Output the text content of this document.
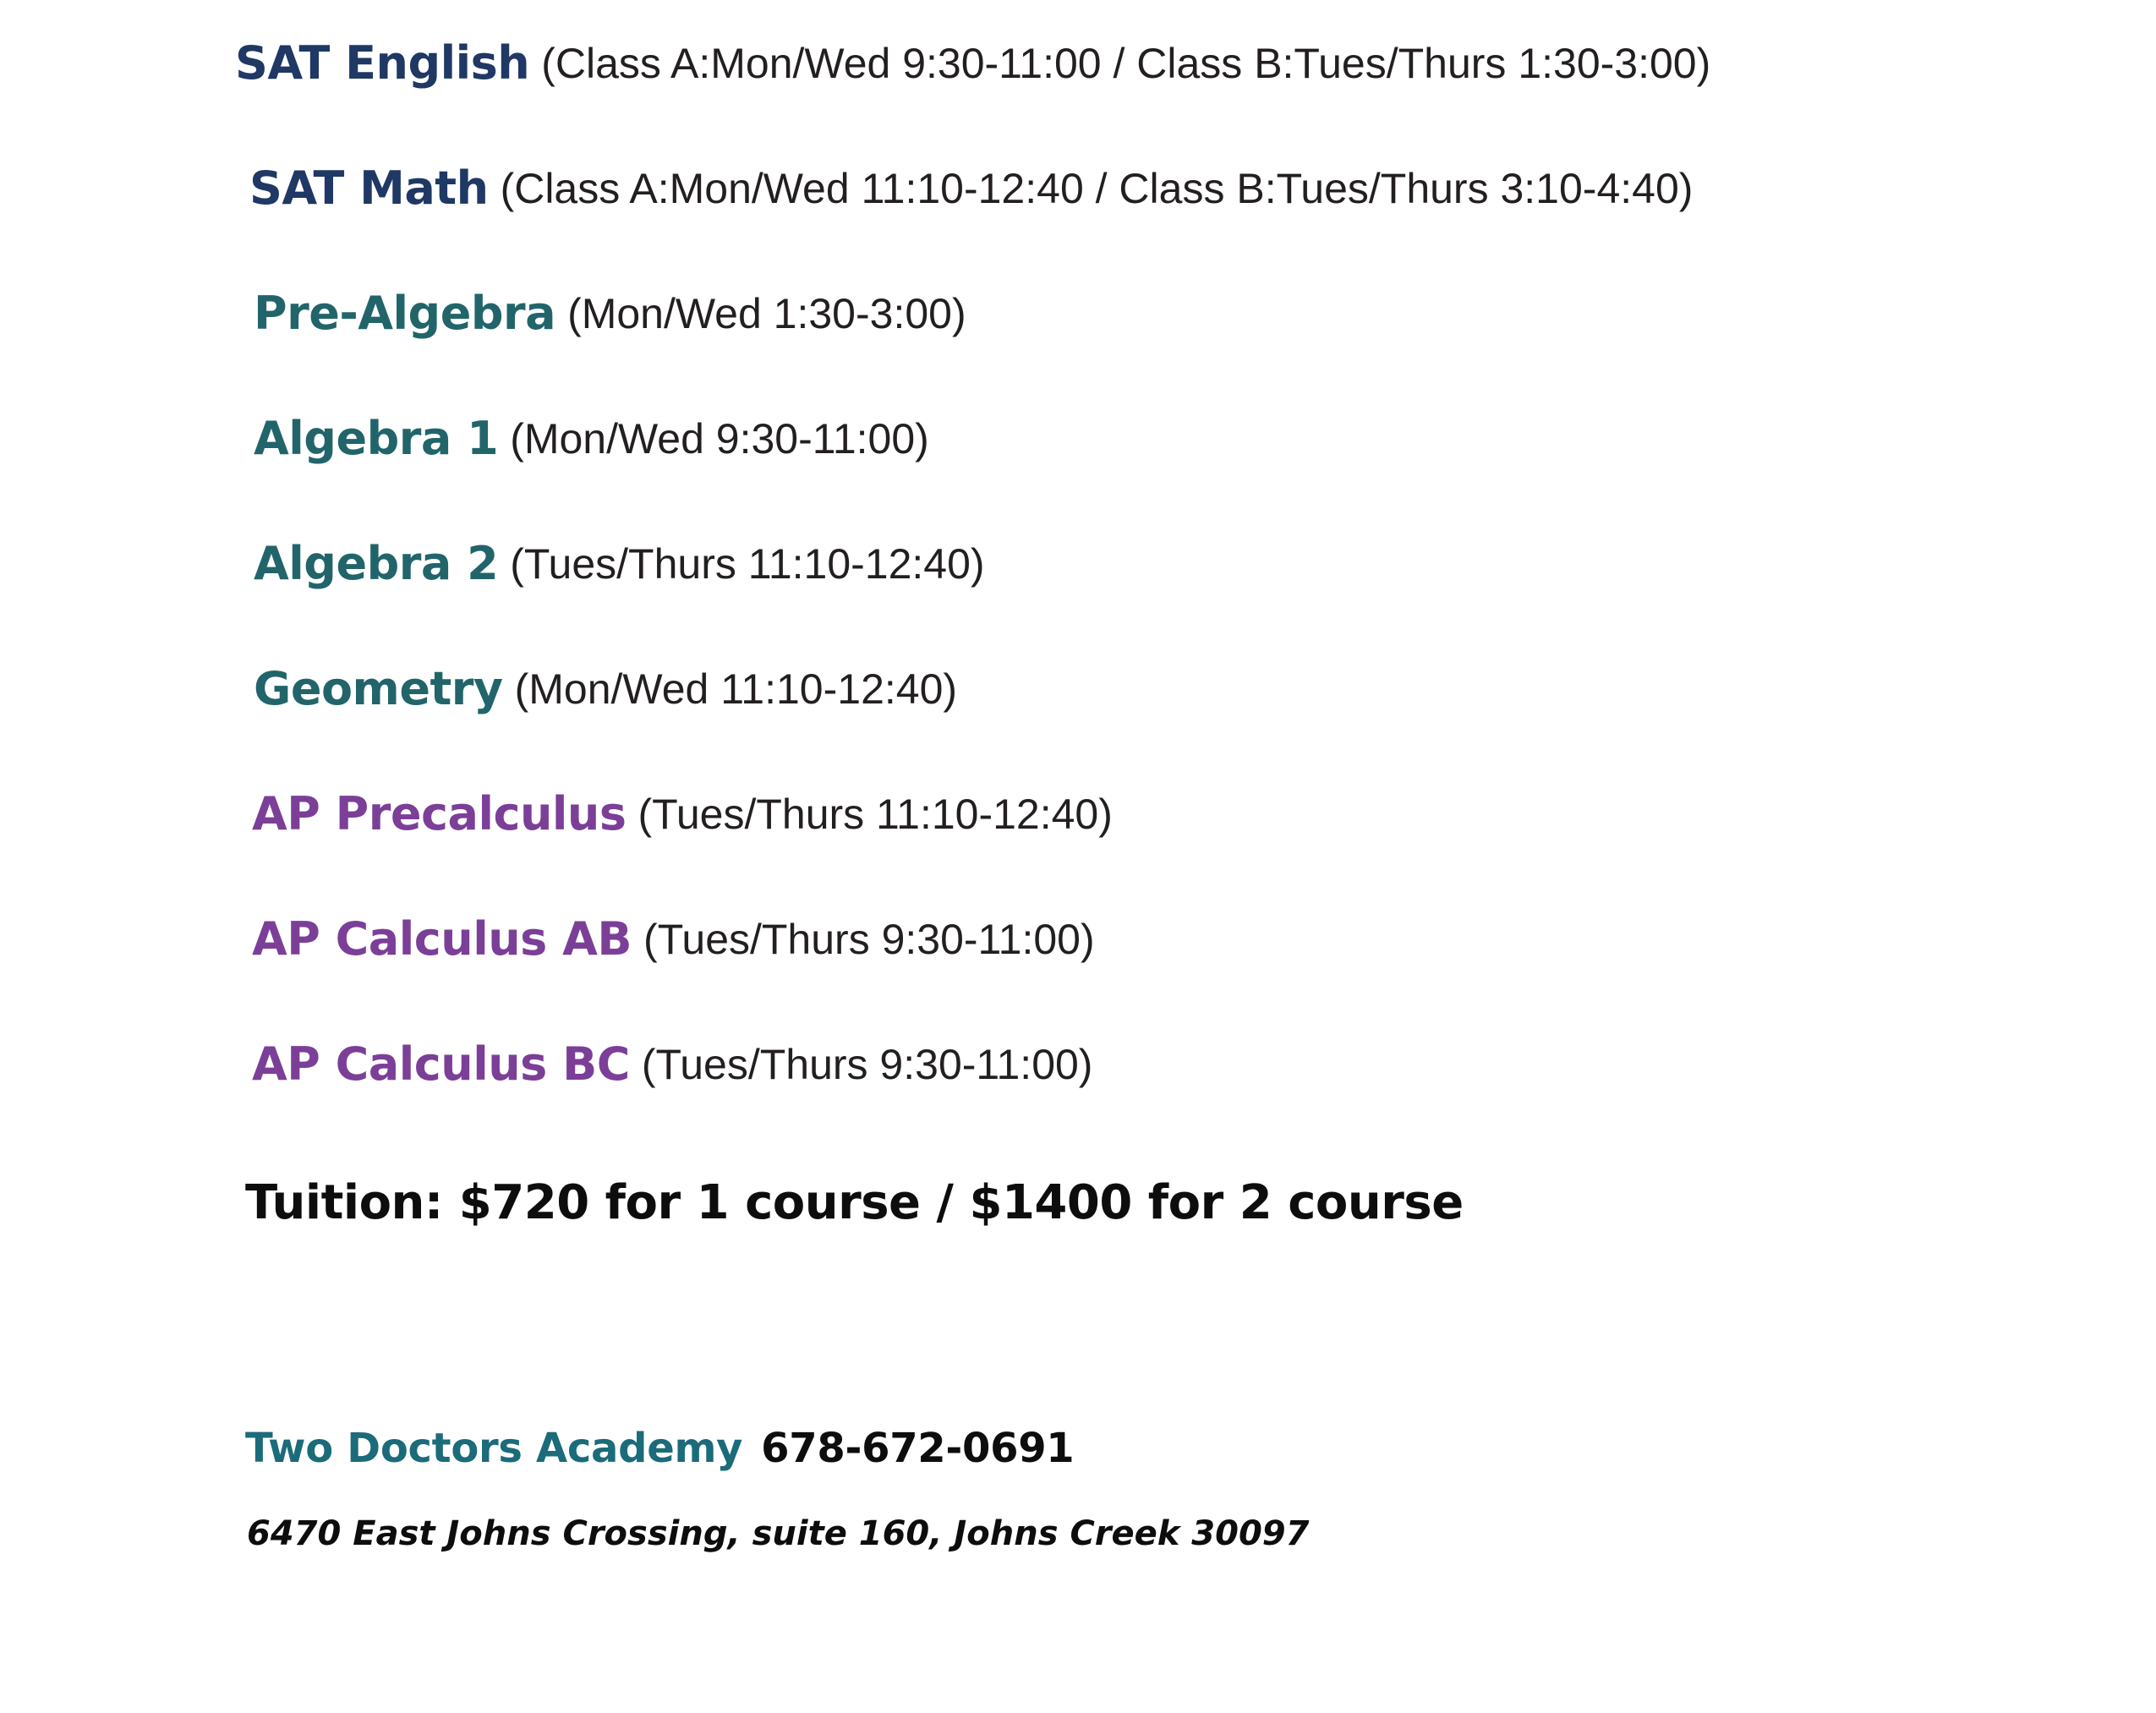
SAT English (Class A:Mon/Wed 9:30-11:00 / Class B:Tues/Thurs 1:30-3:00)
SAT Math (Class A:Mon/Wed 11:10-12:40 / Class B:Tues/Thurs 3:10-4:40)
Pre-Algebra (Mon/Wed 1:30-3:00)
Algebra 1 (Mon/Wed 9:30-11:00)
Algebra 2 (Tues/Thurs 11:10-12:40)
Geometry (Mon/Wed 11:10-12:40)
AP Precalculus (Tues/Thurs 11:10-12:40)
AP Calculus AB (Tues/Thurs 9:30-11:00)
AP Calculus BC (Tues/Thurs 9:30-11:00)
Tuition: $720 for 1 course / $1400 for 2 course
Two Doctors Academy 678-672-0691
6470 East Johns Crossing, suite 160, Johns Creek 30097
